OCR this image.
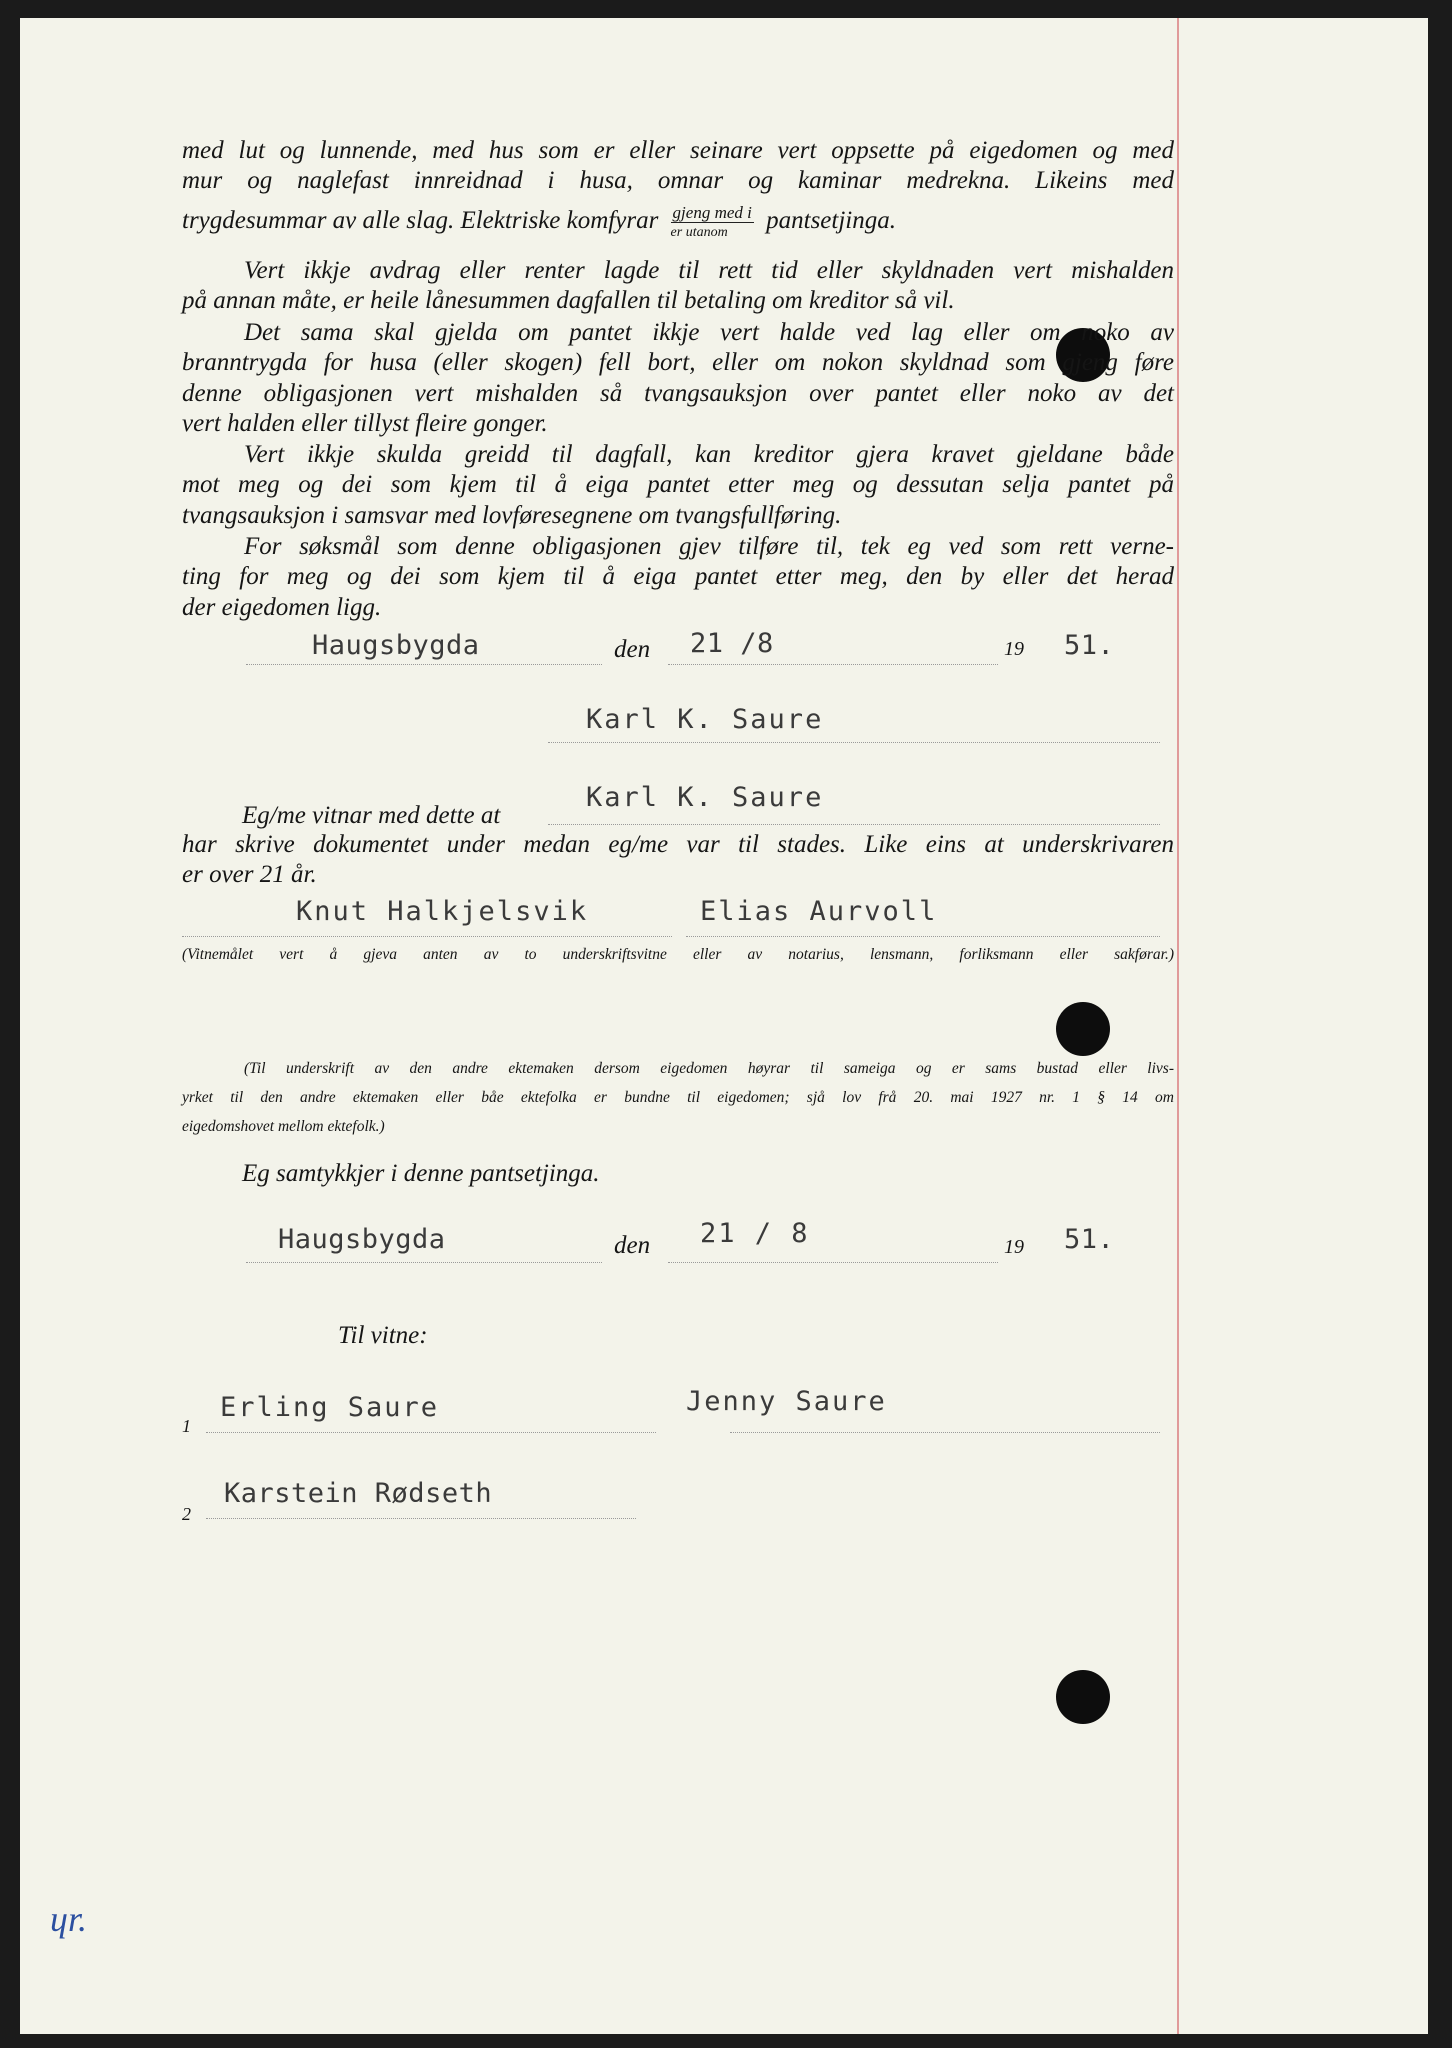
med lut og lunnende, med hus som er eller seinare vert oppsette på eigedomen og med
mur og naglefast innreidnad i husa, omnar og kaminar medrekna. Likeins med
trygdesummar av alle slag. Elektriske komfyrar $\frac{\text{gjeng med i}}{\text{er utanom}}$ pantsetjinga.
Vert ikkje avdrag eller renter lagde til rett tid eller skyldnaden vert mishalden
på annan måte, er heile lånesummen dagfallen til betaling om kreditor så vil.
Det sama skal gjelda om pantet ikkje vert halde ved lag eller om noko av
branntrygda for husa (eller skogen) fell bort, eller om nokon skyldnad som gjeng føre
denne obligasjonen vert mishalden så tvangsauksjon over pantet eller noko av det
vert halden eller tillyst fleire gonger.
Vert ikkje skulda greidd til dagfall, kan kreditor gjera kravet gjeldane både
mot meg og dei som kjem til å eiga pantet etter meg og dessutan selja pantet på
tvangsauksjon i samsvar med lovføresegnene om tvangsfullføring.
For søksmål som denne obligasjonen gjev tilføre til, tek eg ved som rett verne-
ting for meg og dei som kjem til å eiga pantet etter meg, den by eller det herad
der eigedomen ligg.
Haugsbygda	den 21 /8	19 51.
Karl K. Saure
Eg/me vitnar med dette at
Karl K. Saure
har skrive dokumentet under medan eg/me var til stades. Like eins at underskrivaren
er over 21 år.
Knut Halkjelsvik	Elias Aurvoll
(Vitnemålet vert å gjeva anten av to underskriftsvitne eller av notarius, lensmann, forliksmann eller sakførar.)
(Til underskrift av den andre ektemaken dersom eigedomen høyrar til sameiga og er sams bustad eller livs-
yrket til den andre ektemaken eller båe ektefolka er bundne til eigedomen; sjå lov frå 20. mai 1927 nr. 1 § 14 om
eigedomshovet mellom ektefolk.)
Eg samtykkjer i denne pantsetjinga.
Haugsbygda	den 21 / 8	19 51.
Til vitne:
1
Erling Saure	Jenny Saure
2
Karstein Rødseth
ɥr.
